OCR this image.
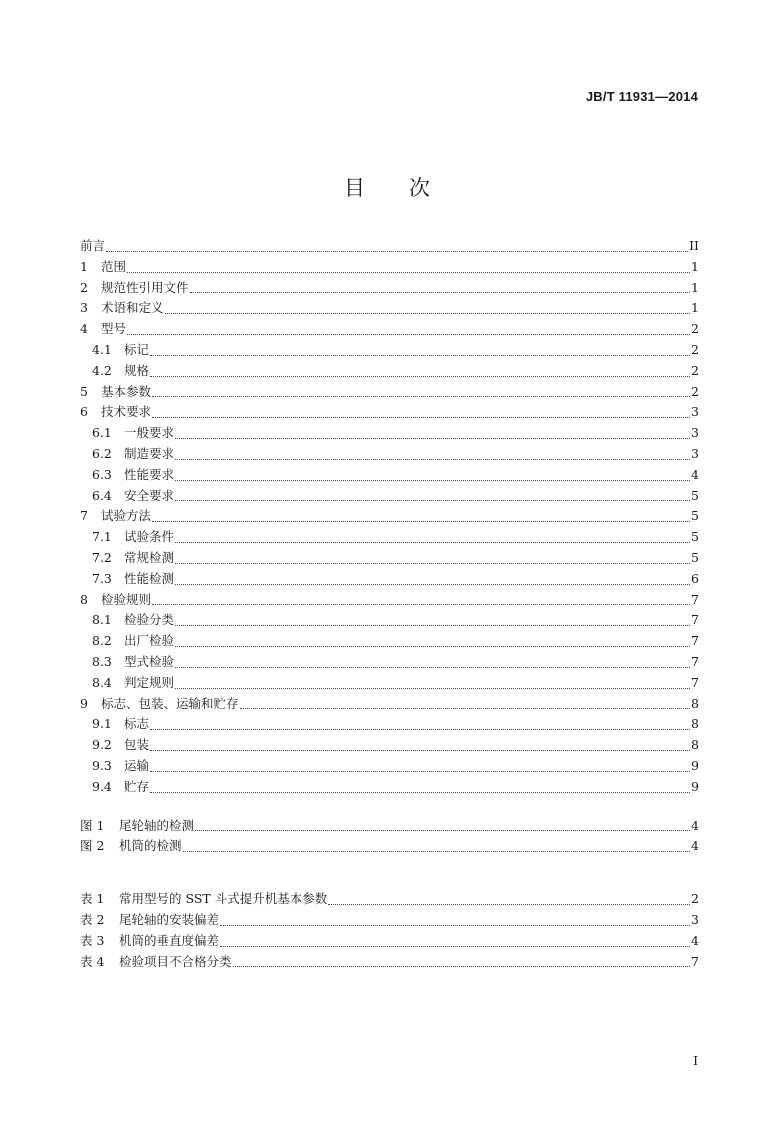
JB/T 11931—2014
目 次
前言	II
1	范围	1
2	规范性引用文件	1
3	术语和定义	1
4	型号	2
4.1 标记	2
4.2 规格	2
5	基本参数	2
6	技术要求	3
6.1 一般要求	3
6.2 制造要求	3
6.3 性能要求	4
6.4 安全要求	5
7	试验方法	5
7.1 试验条件	5
7.2 常规检测	5
7.3 性能检测	6
8	检验规则	7
8.1 检验分类	7
8.2 出厂检验	7
8.3 型式检验	7
8.4 判定规则	7
9	标志、包装、运输和贮存	8
9.1 标志	8
9.2 包装	8
9.3 运输	9
9.4 贮存	9
图 1	尾轮轴的检测	4
图 2	机筒的检测	4
表 1	常用型号的 SST 斗式提升机基本参数	2
表 2	尾轮轴的安装偏差	3
表 3	机筒的垂直度偏差	4
表 4	检验项目不合格分类	7
I
